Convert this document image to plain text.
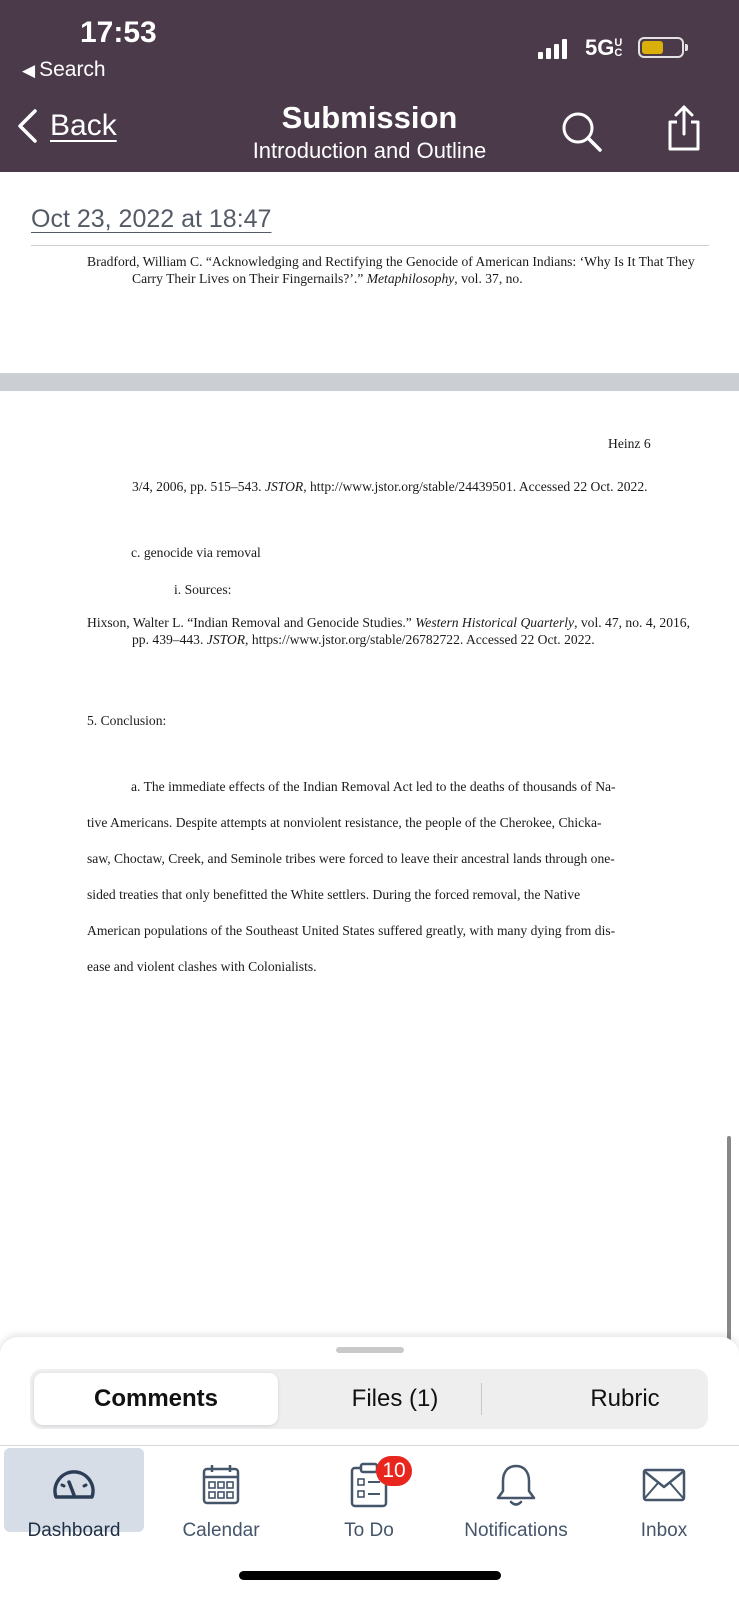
17:53
◀ Search
5GUC
Back	Submission
Introduction and Outline
Oct 23, 2022 at 18:47
Bradford, William C. “Acknowledging and Rectifying the Genocide of American Indians: ‘Why Is It That They Carry Their Lives on Their Fingernails?’.” Metaphilosophy, vol. 37, no.
Heinz 6
3/4, 2006, pp. 515–543. JSTOR, http://www.jstor.org/stable/24439501. Accessed 22 Oct. 2022.
c. genocide via removal
i. Sources:
Hixson, Walter L. “Indian Removal and Genocide Studies.” Western Historical Quarterly, vol. 47, no. 4, 2016, pp. 439–443. JSTOR, https://www.jstor.org/stable/26782722. Accessed 22 Oct. 2022.
5. Conclusion:
a. The immediate effects of the Indian Removal Act led to the deaths of thousands of Na-
tive Americans. Despite attempts at nonviolent resistance, the people of the Cherokee, Chicka-
saw, Choctaw, Creek, and Seminole tribes were forced to leave their ancestral lands through one-
sided treaties that only benefitted the White settlers. During the forced removal, the Native
American populations of the Southeast United States suffered greatly, with many dying from dis-
ease and violent clashes with Colonialists.
Comments	Files (1)	Rubric
Dashboard	Calendar
10
To Do	Notifications	Inbox
